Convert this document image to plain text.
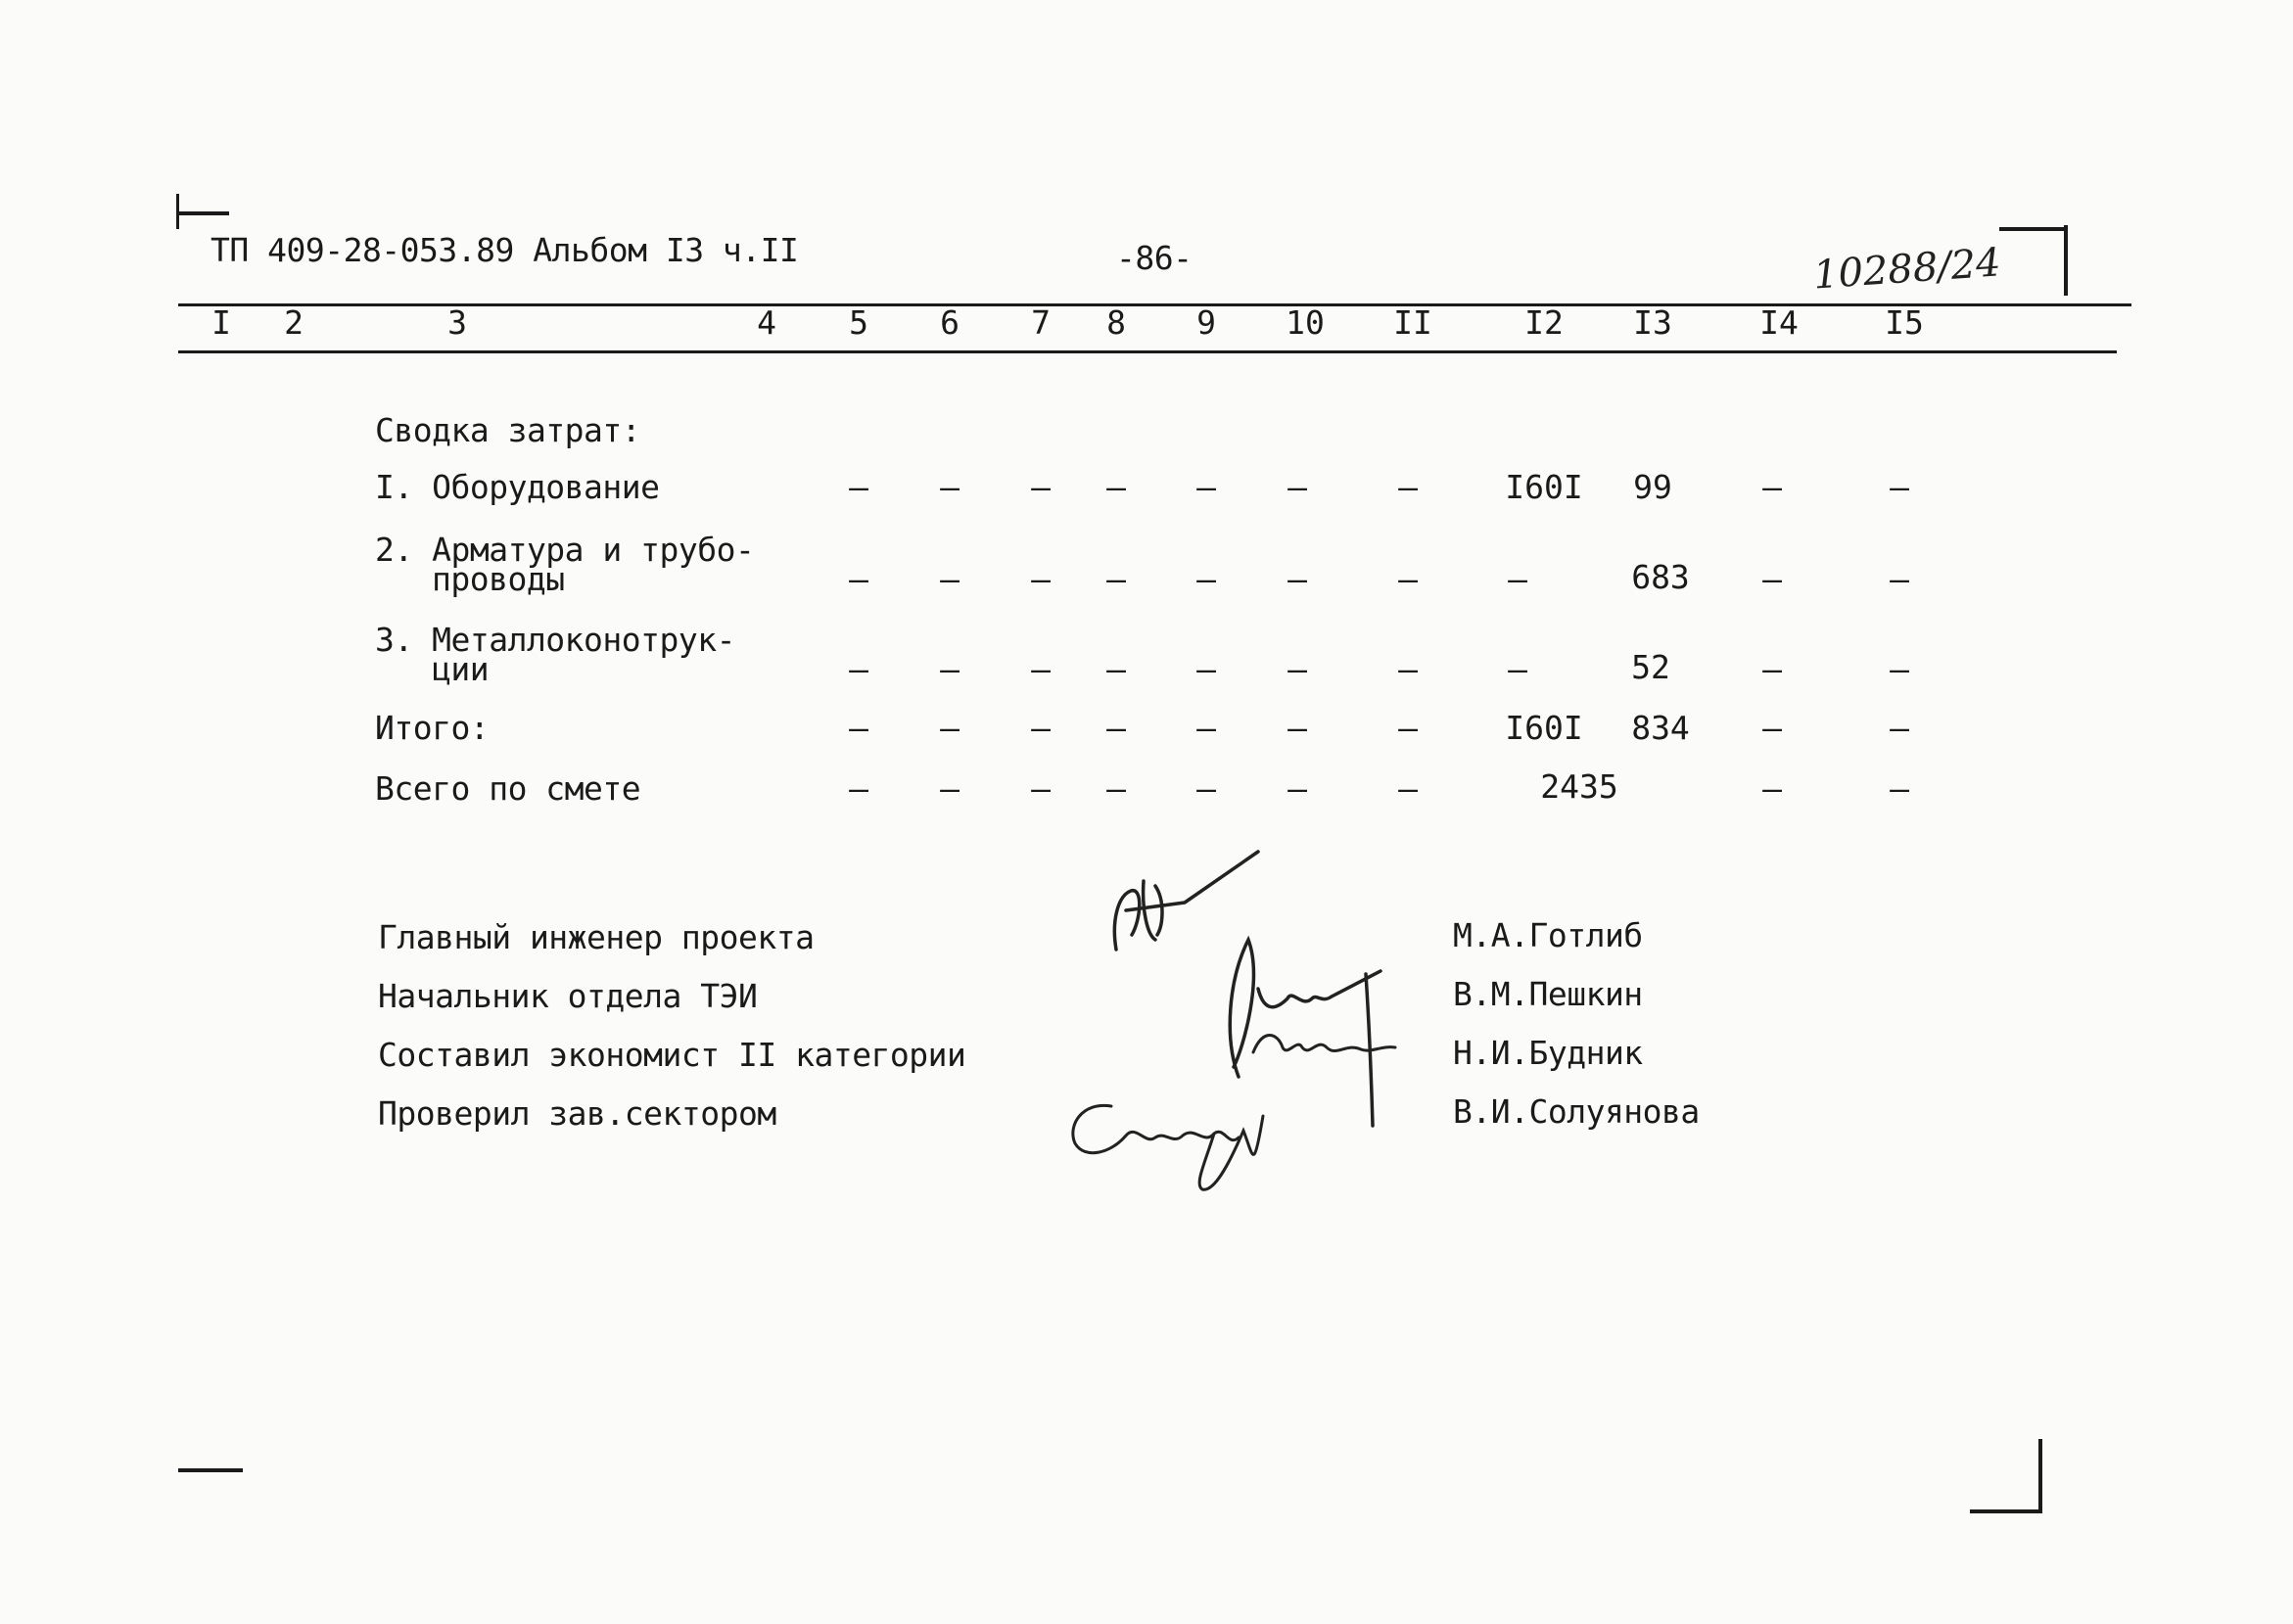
ТП 409-28-053.89 Альбом I3 ч.II	-86-	10288/24
I 2	3	4 5 6 7 8 9 10 II	I2 I3	I4	I5
Сводка затрат:
I. Оборудование	– – – – – –	–	I60I 99	–	–
2. Арматура и трубо-
проводы	– – – – – –	–	–	683 –	–
3. Металлоконотрук-
ции	– – – – – –	–	–	52	–	–
Итого:	– – – – – –	–	I60I 834 –	–
Всего по смете	– – – – – –	–	2435	–	–
Главный инженер проекта	М.А.Готлиб
Начальник отдела ТЭИ	В.М.Пешкин
Составил экономист II категории	Н.И.Будник
Проверил зав.сектором	В.И.Солуянова
